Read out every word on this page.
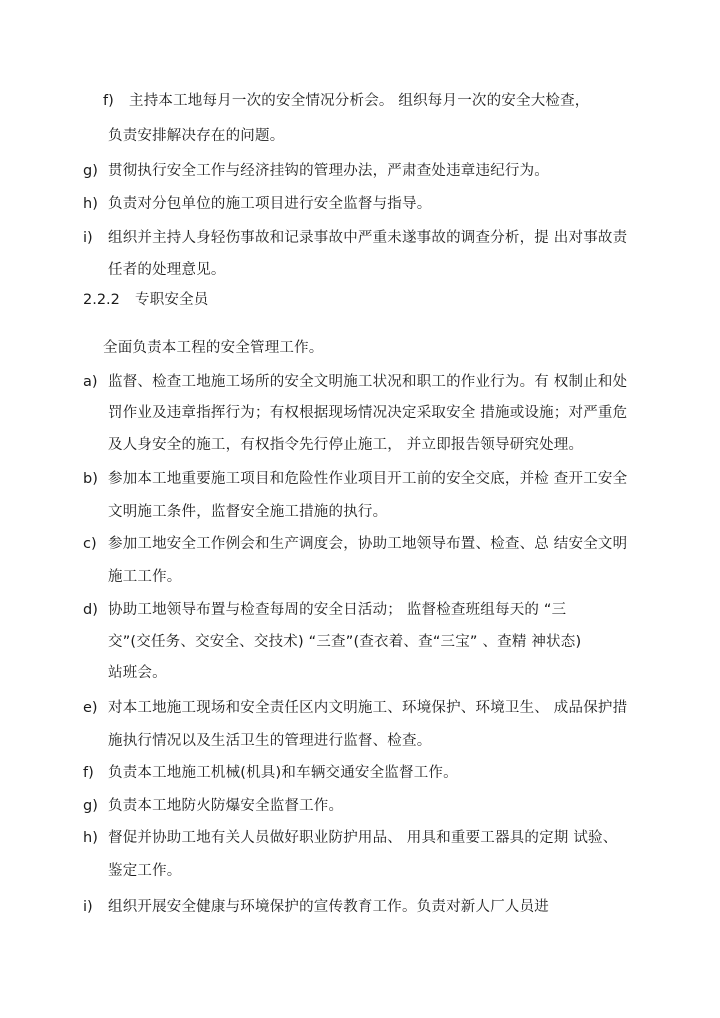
f) 主持本工地每月一次的安全情况分析会。 组织每月一次的安全大检查，
负责安排解决存在的问题。
g) 贯彻执行安全工作与经济挂钩的管理办法，严肃查处违章违纪行为。
h) 负责对分包单位的施工项目进行安全监督与指导。
i) 组织并主持人身轻伤事故和记录事故中严重未遂事故的调查分析，提 出对事故责
任者的处理意见。
2.2.2 专职安全员
全面负责本工程的安全管理工作。
a) 监督、检查工地施工场所的安全文明施工状况和职工的作业行为。有 权制止和处
罚作业及违章指挥行为；有权根据现场情况决定采取安全 措施或设施；对严重危
及人身安全的施工，有权指令先行停止施工， 并立即报告领导研究处理。
b) 参加本工地重要施工项目和危险性作业项目开工前的安全交底，并检 查开工安全
文明施工条件，监督安全施工措施的执行。
c) 参加工地安全工作例会和生产调度会，协助工地领导布置、检查、总 结安全文明
施工工作。
d) 协助工地领导布置与检查每周的安全日活动； 监督检查班组每天的 “三
交”(交任务、交安全、交技术) “三查”(查衣着、查“三宝” 、查精 神状态)
站班会。
e) 对本工地施工现场和安全责任区内文明施工、环境保护、环境卫生、 成品保护措
施执行情况以及生活卫生的管理进行监督、检查。
f) 负责本工地施工机械(机具)和车辆交通安全监督工作。
g) 负责本工地防火防爆安全监督工作。
h) 督促并协助工地有关人员做好职业防护用品、 用具和重要工器具的定期 试验、
鉴定工作。
i) 组织开展安全健康与环境保护的宣传教育工作。负责对新人厂人员进
